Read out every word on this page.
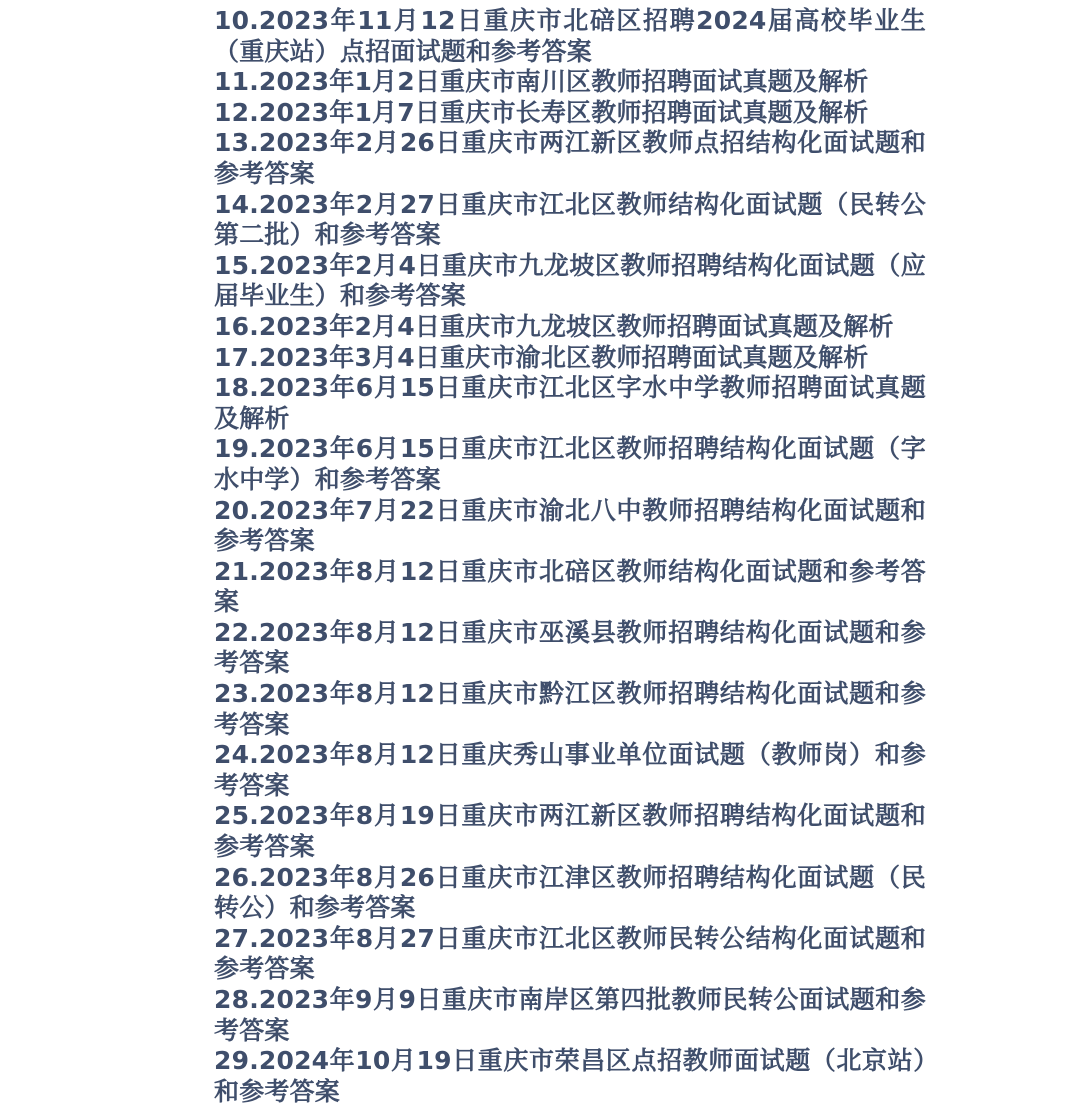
10.2023年11月12日重庆市北碚区招聘2024届高校毕业生（重庆站）点招面试题和参考答案
11.2023年1月2日重庆市南川区教师招聘面试真题及解析
12.2023年1月7日重庆市长寿区教师招聘面试真题及解析
13.2023年2月26日重庆市两江新区教师点招结构化面试题和参考答案
14.2023年2月27日重庆市江北区教师结构化面试题（民转公第二批）和参考答案
15.2023年2月4日重庆市九龙坡区教师招聘结构化面试题（应届毕业生）和参考答案
16.2023年2月4日重庆市九龙坡区教师招聘面试真题及解析
17.2023年3月4日重庆市渝北区教师招聘面试真题及解析
18.2023年6月15日重庆市江北区字水中学教师招聘面试真题及解析
19.2023年6月15日重庆市江北区教师招聘结构化面试题（字水中学）和参考答案
20.2023年7月22日重庆市渝北八中教师招聘结构化面试题和参考答案
21.2023年8月12日重庆市北碚区教师结构化面试题和参考答案
22.2023年8月12日重庆市巫溪县教师招聘结构化面试题和参考答案
23.2023年8月12日重庆市黔江区教师招聘结构化面试题和参考答案
24.2023年8月12日重庆秀山事业单位面试题（教师岗）和参考答案
25.2023年8月19日重庆市两江新区教师招聘结构化面试题和参考答案
26.2023年8月26日重庆市江津区教师招聘结构化面试题（民转公）和参考答案
27.2023年8月27日重庆市江北区教师民转公结构化面试题和参考答案
28.2023年9月9日重庆市南岸区第四批教师民转公面试题和参考答案
29.2024年10月19日重庆市荣昌区点招教师面试题（北京站）和参考答案
